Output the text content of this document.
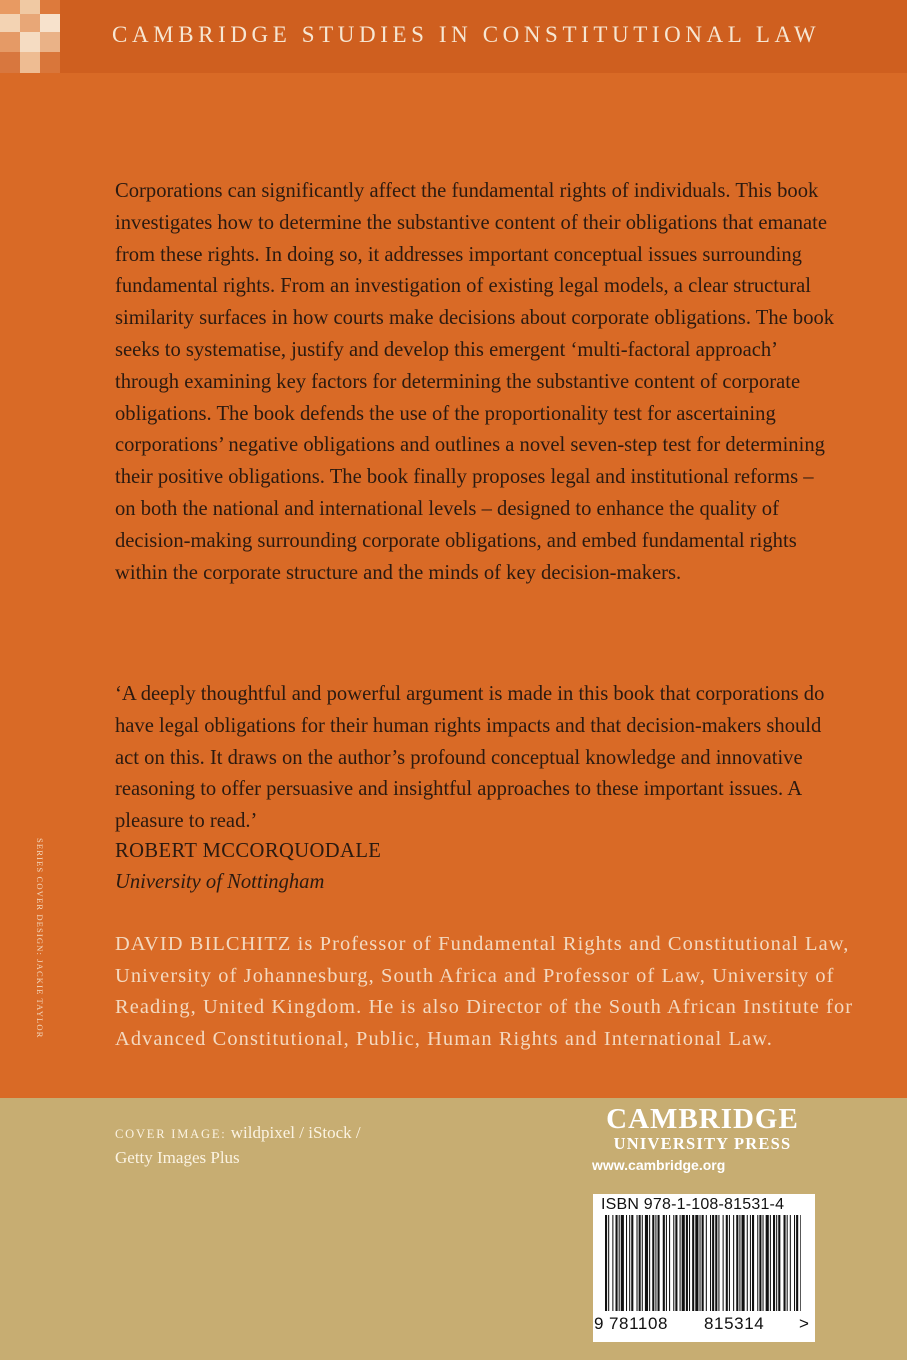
CAMBRIDGE STUDIES IN CONSTITUTIONAL LAW

Corporations can significantly affect the fundamental rights of individuals. This book investigates how to determine the substantive content of their obligations that emanate from these rights. In doing so, it addresses important conceptual issues surrounding fundamental rights. From an investigation of existing legal models, a clear structural similarity surfaces in how courts make decisions about corporate obligations. The book seeks to systematise, justify and develop this emergent ‘multi-factoral approach’ through examining key factors for determining the substantive content of corporate obligations. The book defends the use of the proportionality test for ascertaining corporations’ negative obligations and outlines a novel seven-step test for determining their positive obligations. The book finally proposes legal and institutional reforms – on both the national and international levels – designed to enhance the quality of decision-making surrounding corporate obligations, and embed fundamental rights within the corporate structure and the minds of key decision-makers.

‘A deeply thoughtful and powerful argument is made in this book that corporations do have legal obligations for their human rights impacts and that decision-makers should act on this. It draws on the author’s profound conceptual knowledge and innovative reasoning to offer persuasive and insightful approaches to these important issues. A pleasure to read.’

ROBERT MCCORQUODALE
University of Nottingham

DAVID BILCHITZ is Professor of Fundamental Rights and Constitutional Law, University of Johannesburg, South Africa and Professor of Law, University of Reading, United Kingdom. He is also Director of the South African Institute for Advanced Constitutional, Public, Human Rights and International Law.

SERIES COVER DESIGN: JACKIE TAYLOR
COVER IMAGE: wildpixel / iStock /
Getty Images Plus
CAMBRIDGE
UNIVERSITY PRESS
www.cambridge.org
ISBN 978-1-108-81531-4
9 781108 815314 >
